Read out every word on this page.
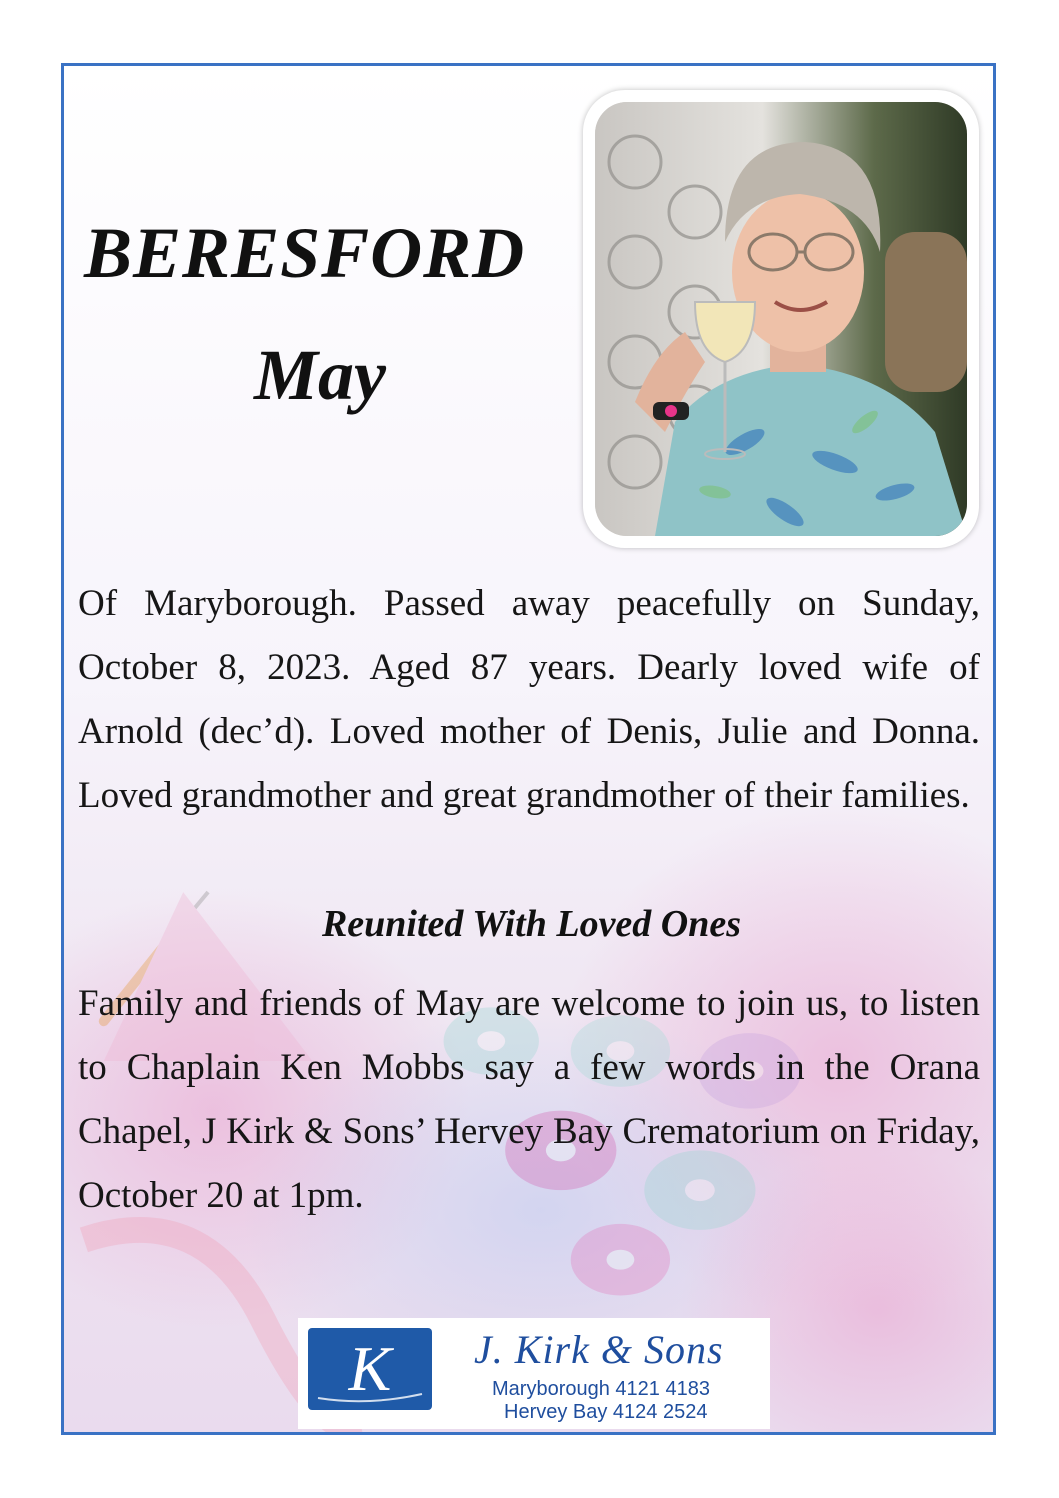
BERESFORD
May
Of Maryborough. Passed away peacefully on Sunday, October 8, 2023. Aged 87 years. Dearly loved wife of Arnold (dec’d). Loved mother of Denis, Julie and Donna. Loved grandmother and great grandmother of their families.
Reunited With Loved Ones
Family and friends of May are welcome to join us, to listen to Chaplain Ken Mobbs say a few words in the Orana Chapel, J Kirk & Sons’ Hervey Bay Crematorium on Friday, October 20 at 1pm.
K J. Kirk & Sons
Maryborough 4121 4183
Hervey Bay 4124 2524
